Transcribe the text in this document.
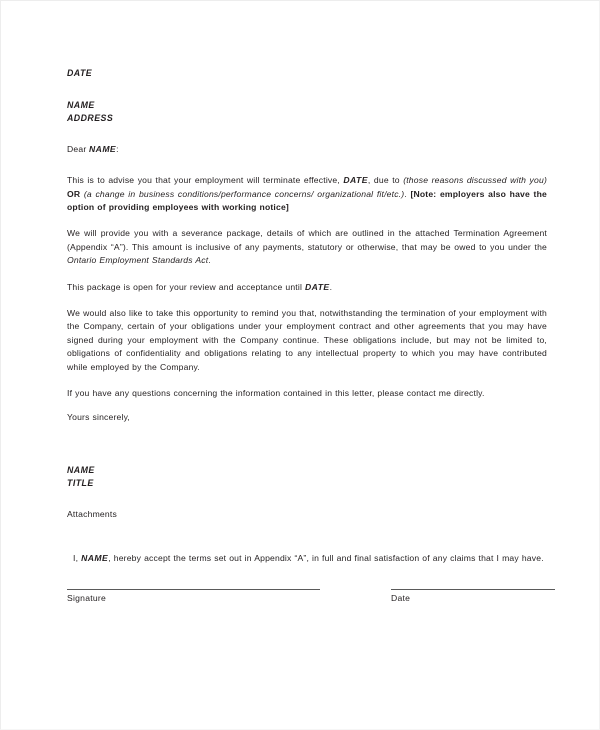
DATE

NAME

ADDRESS

Dear NAME:

This is to advise you that your employment will terminate effective, DATE, due to (those reasons discussed with you) OR (a change in business conditions/performance concerns/ organizational fit/etc.). [Note: employers also have the option of providing employees with working notice]

We will provide you with a severance package, details of which are outlined in the attached Termination Agreement (Appendix “A”). This amount is inclusive of any payments, statutory or otherwise, that may be owed to you under the Ontario Employment Standards Act.

This package is open for your review and acceptance until DATE.

We would also like to take this opportunity to remind you that, notwithstanding the termination of your employment with the Company, certain of your obligations under your employment contract and other agreements that you may have signed during your employment with the Company continue. These obligations include, but may not be limited to, obligations of confidentiality and obligations relating to any intellectual property to which you may have contributed while employed by the Company.

If you have any questions concerning the information contained in this letter, please contact me directly.

Yours sincerely,

NAME

TITLE

Attachments

I, NAME, hereby accept the terms set out in Appendix “A”, in full and final satisfaction of any claims that I may have.

Signature	Date
